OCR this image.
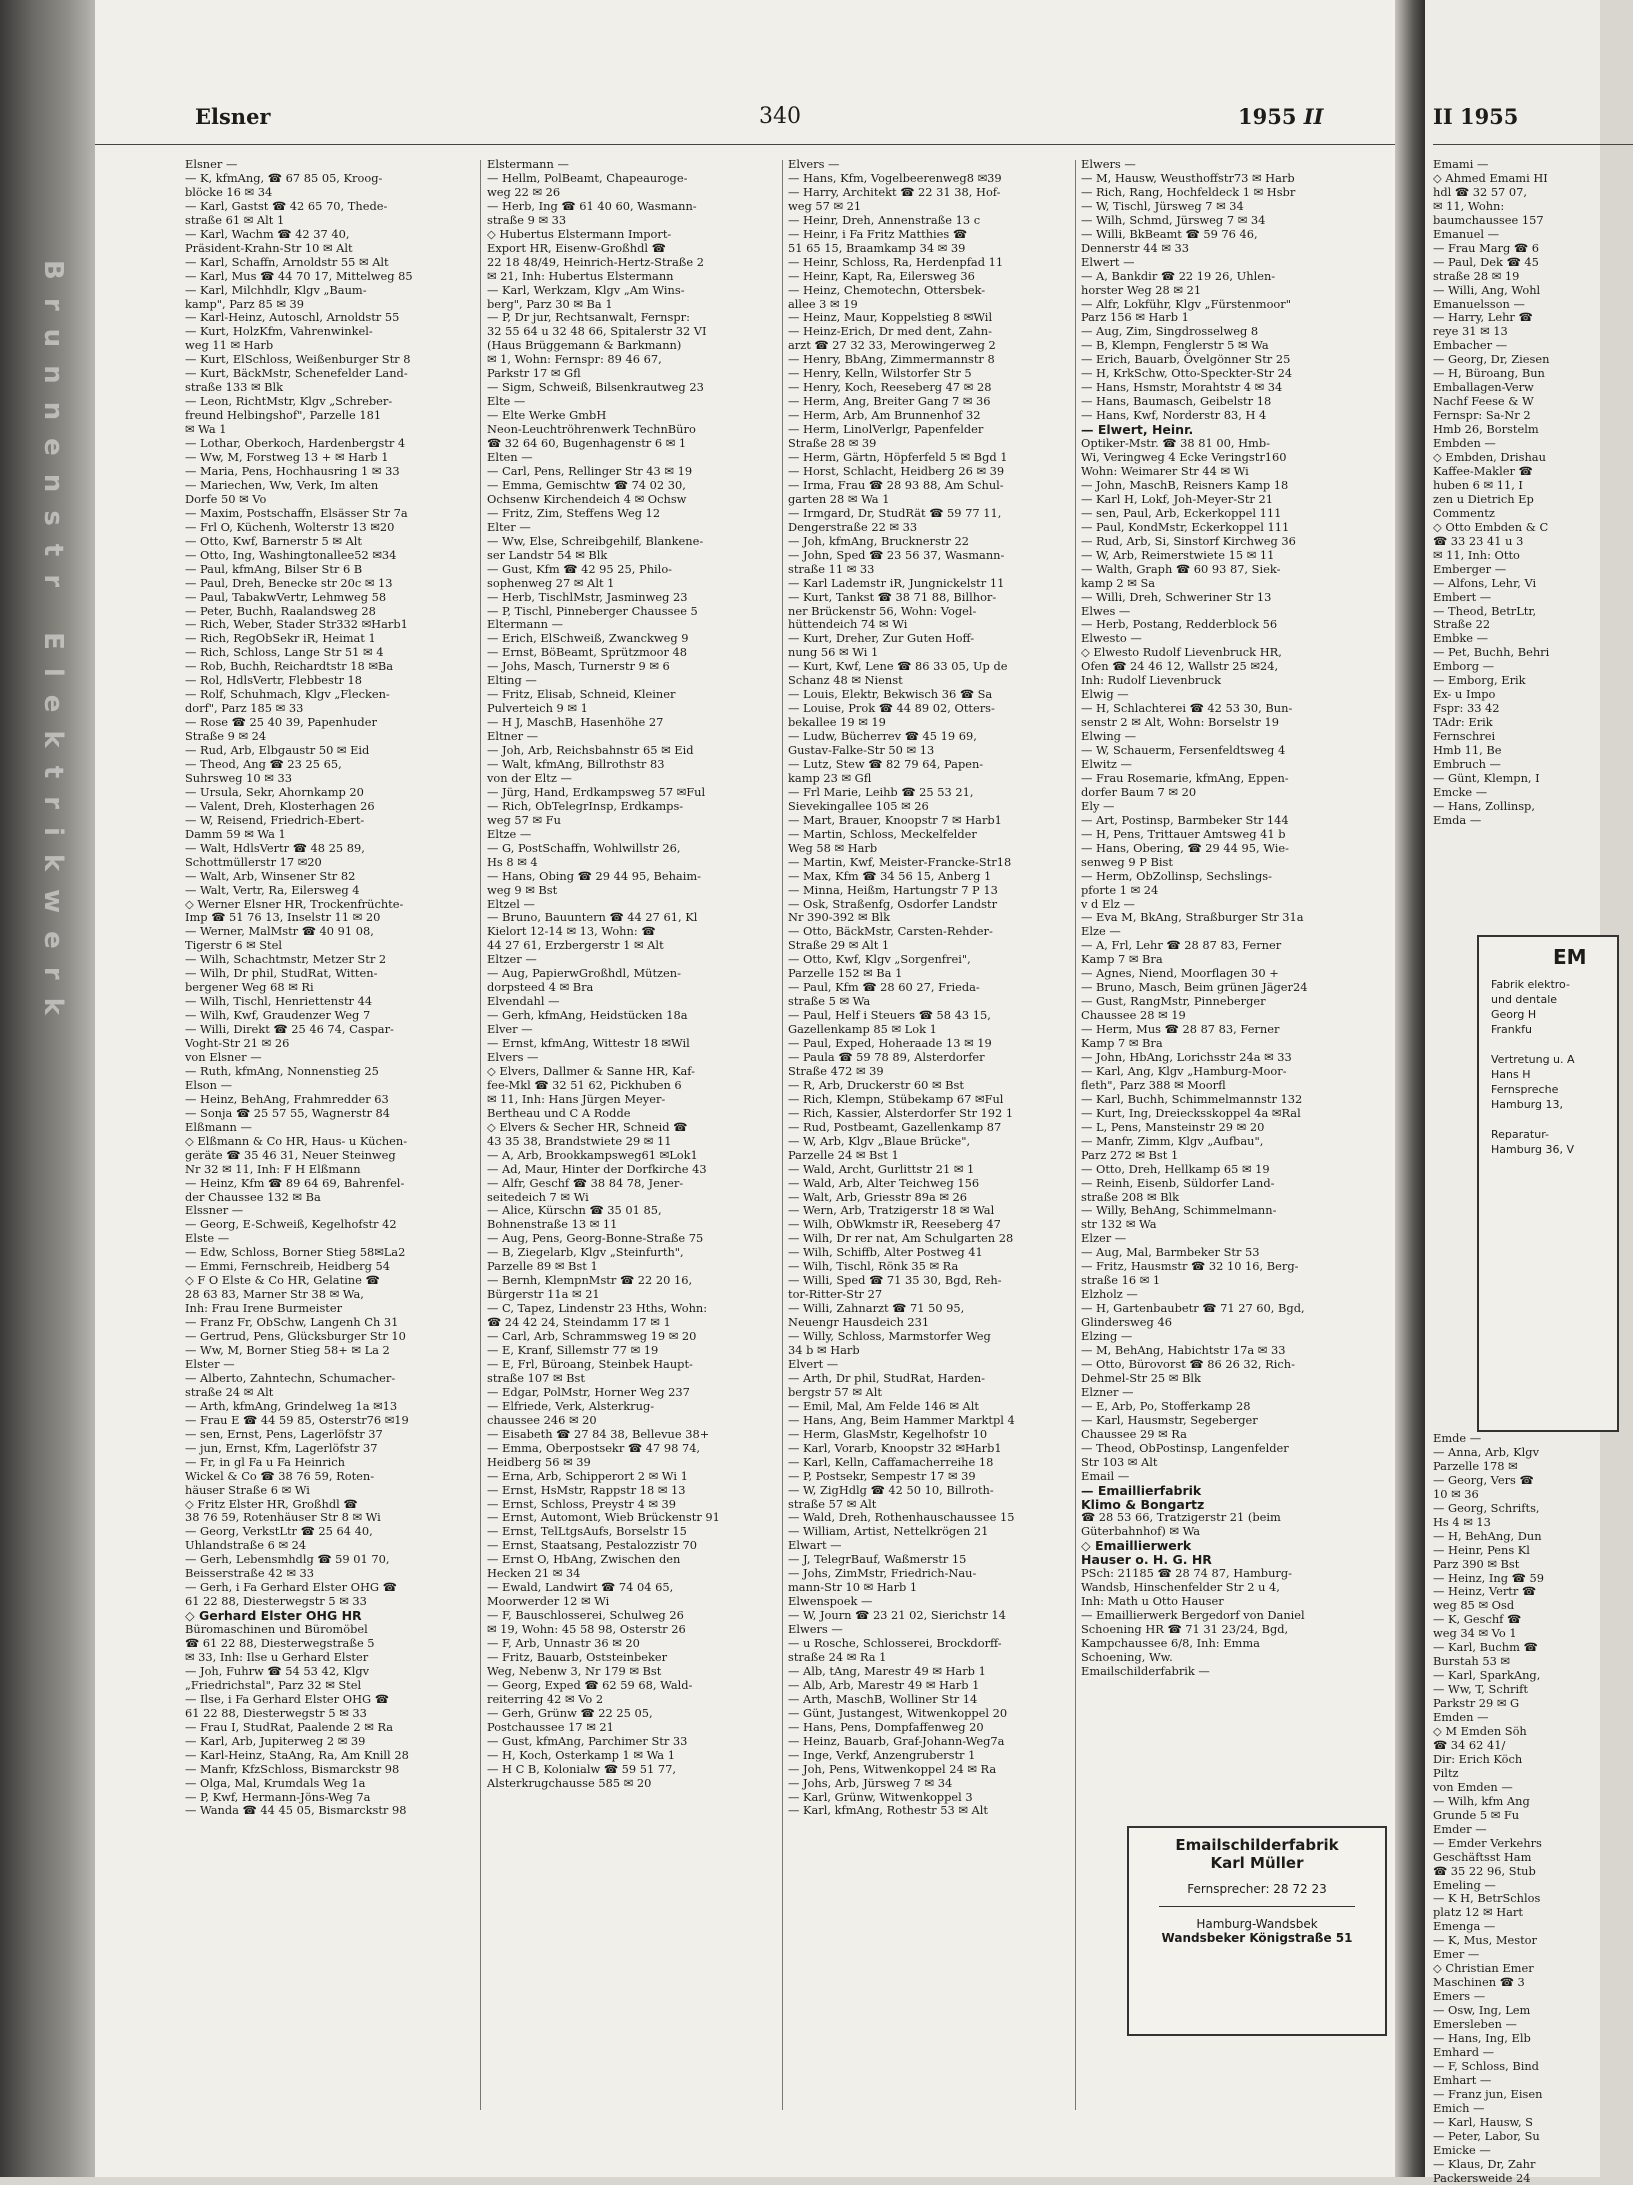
Brunnenstr Elektrikwerk
Elsner	340	1955 II
Elsner —
— K, kfmAng, ☎ 67 85 05, Kroog-
blöcke 16 ✉ 34
— Karl, Gastst ☎ 42 65 70, Thede-
straße 61 ✉ Alt 1
— Karl, Wachm ☎ 42 37 40,
Präsident-Krahn-Str 10 ✉ Alt
— Karl, Schaffn, Arnoldstr 55 ✉ Alt
— Karl, Mus ☎ 44 70 17, Mittelweg 85
— Karl, Milchhdlr, Klgv „Baum-
kamp", Parz 85 ✉ 39
— Karl-Heinz, Autoschl, Arnoldstr 55
— Kurt, HolzKfm, Vahrenwinkel-
weg 11 ✉ Harb
— Kurt, ElSchloss, Weißenburger Str 8
— Kurt, BäckMstr, Schenefelder Land-
straße 133 ✉ Blk
— Leon, RichtMstr, Klgv „Schreber-
freund Helbingshof", Parzelle 181
✉ Wa 1
— Lothar, Oberkoch, Hardenbergstr 4
— Ww, M, Forstweg 13 + ✉ Harb 1
— Maria, Pens, Hochhausring 1 ✉ 33
— Mariechen, Ww, Verk, Im alten
Dorfe 50 ✉ Vo
— Maxim, Postschaffn, Elsässer Str 7a
— Frl O, Küchenh, Wolterstr 13 ✉20
— Otto, Kwf, Barnerstr 5 ✉ Alt
— Otto, Ing, Washingtonallee52 ✉34
— Paul, kfmAng, Bilser Str 6 B
— Paul, Dreh, Benecke str 20c ✉ 13
— Paul, TabakwVertr, Lehmweg 58
— Peter, Buchh, Raalandsweg 28
— Rich, Weber, Stader Str332 ✉Harb1
— Rich, RegObSekr iR, Heimat 1
— Rich, Schloss, Lange Str 51 ✉ 4
— Rob, Buchh, Reichardtstr 18 ✉Ba
— Rol, HdlsVertr, Flebbestr 18
— Rolf, Schuhmach, Klgv „Flecken-
dorf", Parz 185 ✉ 33
— Rose ☎ 25 40 39, Papenhuder
Straße 9 ✉ 24
— Rud, Arb, Elbgaustr 50 ✉ Eid
— Theod, Ang ☎ 23 25 65,
Suhrsweg 10 ✉ 33
— Ursula, Sekr, Ahornkamp 20
— Valent, Dreh, Klosterhagen 26
— W, Reisend, Friedrich-Ebert-
Damm 59 ✉ Wa 1
— Walt, HdlsVertr ☎ 48 25 89,
Schottmüllerstr 17 ✉20
— Walt, Arb, Winsener Str 82
— Walt, Vertr, Ra, Eilersweg 4
◇ Werner Elsner HR, Trockenfrüchte-
Imp ☎ 51 76 13, Inselstr 11 ✉ 20
— Werner, MalMstr ☎ 40 91 08,
Tigerstr 6 ✉ Stel
— Wilh, Schachtmstr, Metzer Str 2
— Wilh, Dr phil, StudRat, Witten-
bergener Weg 68 ✉ Ri
— Wilh, Tischl, Henriettenstr 44
— Wilh, Kwf, Graudenzer Weg 7
— Willi, Direkt ☎ 25 46 74, Caspar-
Voght-Str 21 ✉ 26
von Elsner —
— Ruth, kfmAng, Nonnenstieg 25
Elson —
— Heinz, BehAng, Frahmredder 63
— Sonja ☎ 25 57 55, Wagnerstr 84
Elßmann —
◇ Elßmann & Co HR, Haus- u Küchen-
geräte ☎ 35 46 31, Neuer Steinweg
Nr 32 ✉ 11, Inh: F H Elßmann
— Heinz, Kfm ☎ 89 64 69, Bahrenfel-
der Chaussee 132 ✉ Ba
Elssner —
— Georg, E-Schweiß, Kegelhofstr 42
Elste —
— Edw, Schloss, Borner Stieg 58✉La2
— Emmi, Fernschreib, Heidberg 54
◇ F O Elste & Co HR, Gelatine ☎
28 63 83, Marner Str 38 ✉ Wa,
Inh: Frau Irene Burmeister
— Franz Fr, ObSchw, Langenh Ch 31
— Gertrud, Pens, Glücksburger Str 10
— Ww, M, Borner Stieg 58+ ✉ La 2
Elster —
— Alberto, Zahntechn, Schumacher-
straße 24 ✉ Alt
— Arth, kfmAng, Grindelweg 1a ✉13
— Frau E ☎ 44 59 85, Osterstr76 ✉19
— sen, Ernst, Pens, Lagerlöfstr 37
— jun, Ernst, Kfm, Lagerlöfstr 37
— Fr, in gl Fa u Fa Heinrich
Wickel & Co ☎ 38 76 59, Roten-
häuser Straße 6 ✉ Wi
◇ Fritz Elster HR, Großhdl ☎
38 76 59, Rotenhäuser Str 8 ✉ Wi
— Georg, VerkstLtr ☎ 25 64 40,
Uhlandstraße 6 ✉ 24
— Gerh, Lebensmhdlg ☎ 59 01 70,
Beisserstraße 42 ✉ 33
— Gerh, i Fa Gerhard Elster OHG ☎
61 22 88, Diesterwegstr 5 ✉ 33
◇ Gerhard Elster OHG HR
Büromaschinen und Büromöbel
☎ 61 22 88, Diesterwegstraße 5
✉ 33, Inh: Ilse u Gerhard Elster
— Joh, Fuhrw ☎ 54 53 42, Klgv
„Friedrichstal", Parz 32 ✉ Stel
— Ilse, i Fa Gerhard Elster OHG ☎
61 22 88, Diesterwegstr 5 ✉ 33
— Frau I, StudRat, Paalende 2 ✉ Ra
— Karl, Arb, Jupiterweg 2 ✉ 39
— Karl-Heinz, StaAng, Ra, Am Knill 28
— Manfr, KfzSchloss, Bismarckstr 98
— Olga, Mal, Krumdals Weg 1a
— P, Kwf, Hermann-Jöns-Weg 7a
— Wanda ☎ 44 45 05, Bismarckstr 98
Elstermann —
— Hellm, PolBeamt, Chapeauroge-
weg 22 ✉ 26
— Herb, Ing ☎ 61 40 60, Wasmann-
straße 9 ✉ 33
◇ Hubertus Elstermann Import-
Export HR, Eisenw-Großhdl ☎
22 18 48/49, Heinrich-Hertz-Straße 2
✉ 21, Inh: Hubertus Elstermann
— Karl, Werkzam, Klgv „Am Wins-
berg", Parz 30 ✉ Ba 1
— P, Dr jur, Rechtsanwalt, Fernspr:
32 55 64 u 32 48 66, Spitalerstr 32 VI
(Haus Brüggemann & Barkmann)
✉ 1, Wohn: Fernspr: 89 46 67,
Parkstr 17 ✉ Gfl
— Sigm, Schweiß, Bilsenkrautweg 23
Elte —
— Elte Werke GmbH
Neon-Leuchtröhrenwerk TechnBüro
☎ 32 64 60, Bugenhagenstr 6 ✉ 1
Elten —
— Carl, Pens, Rellinger Str 43 ✉ 19
— Emma, Gemischtw ☎ 74 02 30,
Ochsenw Kirchendeich 4 ✉ Ochsw
— Fritz, Zim, Steffens Weg 12
Elter —
— Ww, Else, Schreibgehilf, Blankene-
ser Landstr 54 ✉ Blk
— Gust, Kfm ☎ 42 95 25, Philo-
sophenweg 27 ✉ Alt 1
— Herb, TischlMstr, Jasminweg 23
— P, Tischl, Pinneberger Chaussee 5
Eltermann —
— Erich, ElSchweiß, Zwanckweg 9
— Ernst, BöBeamt, Sprützmoor 48
— Johs, Masch, Turnerstr 9 ✉ 6
Elting —
— Fritz, Elisab, Schneid, Kleiner
Pulverteich 9 ✉ 1
— H J, MaschB, Hasenhöhe 27
Eltner —
— Joh, Arb, Reichsbahnstr 65 ✉ Eid
— Walt, kfmAng, Billrothstr 83
von der Eltz —
— Jürg, Hand, Erdkampsweg 57 ✉Ful
— Rich, ObTelegrInsp, Erdkamps-
weg 57 ✉ Fu
Eltze —
— G, PostSchaffn, Wohlwillstr 26,
Hs 8 ✉ 4
— Hans, Obing ☎ 29 44 95, Behaim-
weg 9 ✉ Bst
Eltzel —
— Bruno, Bauuntern ☎ 44 27 61, Kl
Kielort 12-14 ✉ 13, Wohn: ☎
44 27 61, Erzbergerstr 1 ✉ Alt
Eltzer —
— Aug, PapierwGroßhdl, Mützen-
dorpsteed 4 ✉ Bra
Elvendahl —
— Gerh, kfmAng, Heidstücken 18a
Elver —
— Ernst, kfmAng, Wittestr 18 ✉Wil
Elvers —
◇ Elvers, Dallmer & Sanne HR, Kaf-
fee-Mkl ☎ 32 51 62, Pickhuben 6
✉ 11, Inh: Hans Jürgen Meyer-
Bertheau und C A Rodde
◇ Elvers & Secher HR, Schneid ☎
43 35 38, Brandstwiete 29 ✉ 11
— A, Arb, Brookkampsweg61 ✉Lok1
— Ad, Maur, Hinter der Dorfkirche 43
— Alfr, Geschf ☎ 38 84 78, Jener-
seitedeich 7 ✉ Wi
— Alice, Kürschn ☎ 35 01 85,
Bohnenstraße 13 ✉ 11
— Aug, Pens, Georg-Bonne-Straße 75
— B, Ziegelarb, Klgv „Steinfurth",
Parzelle 89 ✉ Bst 1
— Bernh, KlempnMstr ☎ 22 20 16,
Bürgerstr 11a ✉ 21
— C, Tapez, Lindenstr 23 Hths, Wohn:
☎ 24 42 24, Steindamm 17 ✉ 1
— Carl, Arb, Schrammsweg 19 ✉ 20
— E, Kranf, Sillemstr 77 ✉ 19
— E, Frl, Büroang, Steinbek Haupt-
straße 107 ✉ Bst
— Edgar, PolMstr, Horner Weg 237
— Elfriede, Verk, Alsterkrug-
chaussee 246 ✉ 20
— Eisabeth ☎ 27 84 38, Bellevue 38+
— Emma, Oberpostsekr ☎ 47 98 74,
Heidberg 56 ✉ 39
— Erna, Arb, Schipperort 2 ✉ Wi 1
— Ernst, HsMstr, Rappstr 18 ✉ 13
— Ernst, Schloss, Preystr 4 ✉ 39
— Ernst, Automont, Wieb Brückenstr 91
— Ernst, TelLtgsAufs, Borselstr 15
— Ernst, Staatsang, Pestalozzistr 70
— Ernst O, HbAng, Zwischen den
Hecken 21 ✉ 34
— Ewald, Landwirt ☎ 74 04 65,
Moorwerder 12 ✉ Wi
— F, Bauschlosserei, Schulweg 26
✉ 19, Wohn: 45 58 98, Osterstr 26
— F, Arb, Unnastr 36 ✉ 20
— Fritz, Bauarb, Oststeinbeker
Weg, Nebenw 3, Nr 179 ✉ Bst
— Georg, Exped ☎ 62 59 68, Wald-
reiterring 42 ✉ Vo 2
— Gerh, Grünw ☎ 22 25 05,
Postchaussee 17 ✉ 21
— Gust, kfmAng, Parchimer Str 33
— H, Koch, Osterkamp 1 ✉ Wa 1
— H C B, Kolonialw ☎ 59 51 77,
Alsterkrugchausse 585 ✉ 20
Elvers —
— Hans, Kfm, Vogelbeerenweg8 ✉39
— Harry, Architekt ☎ 22 31 38, Hof-
weg 57 ✉ 21
— Heinr, Dreh, Annenstraße 13 c
— Heinr, i Fa Fritz Matthies ☎
51 65 15, Braamkamp 34 ✉ 39
— Heinr, Schloss, Ra, Herdenpfad 11
— Heinr, Kapt, Ra, Eilersweg 36
— Heinz, Chemotechn, Ottersbek-
allee 3 ✉ 19
— Heinz, Maur, Koppelstieg 8 ✉Wil
— Heinz-Erich, Dr med dent, Zahn-
arzt ☎ 27 32 33, Merowingerweg 2
— Henry, BbAng, Zimmermannstr 8
— Henry, Kelln, Wilstorfer Str 5
— Henry, Koch, Reeseberg 47 ✉ 28
— Herm, Ang, Breiter Gang 7 ✉ 36
— Herm, Arb, Am Brunnenhof 32
— Herm, LinolVerlgr, Papenfelder
Straße 28 ✉ 39
— Herm, Gärtn, Höpferfeld 5 ✉ Bgd 1
— Horst, Schlacht, Heidberg 26 ✉ 39
— Irma, Frau ☎ 28 93 88, Am Schul-
garten 28 ✉ Wa 1
— Irmgard, Dr, StudRät ☎ 59 77 11,
Dengerstraße 22 ✉ 33
— Joh, kfmAng, Brucknerstr 22
— John, Sped ☎ 23 56 37, Wasmann-
straße 11 ✉ 33
— Karl Lademstr iR, Jungnickelstr 11
— Kurt, Tankst ☎ 38 71 88, Billhor-
ner Brückenstr 56, Wohn: Vogel-
hüttendeich 74 ✉ Wi
— Kurt, Dreher, Zur Guten Hoff-
nung 56 ✉ Wi 1
— Kurt, Kwf, Lene ☎ 86 33 05, Up de
Schanz 48 ✉ Nienst
— Louis, Elektr, Bekwisch 36 ☎ Sa
— Louise, Prok ☎ 44 89 02, Otters-
bekallee 19 ✉ 19
— Ludw, Bücherrev ☎ 45 19 69,
Gustav-Falke-Str 50 ✉ 13
— Lutz, Stew ☎ 82 79 64, Papen-
kamp 23 ✉ Gfl
— Frl Marie, Leihb ☎ 25 53 21,
Sievekingallee 105 ✉ 26
— Mart, Brauer, Knoopstr 7 ✉ Harb1
— Martin, Schloss, Meckelfelder
Weg 58 ✉ Harb
— Martin, Kwf, Meister-Francke-Str18
— Max, Kfm ☎ 34 56 15, Anberg 1
— Minna, Heißm, Hartungstr 7 P 13
— Osk, Straßenfg, Osdorfer Landstr
Nr 390-392 ✉ Blk
— Otto, BäckMstr, Carsten-Rehder-
Straße 29 ✉ Alt 1
— Otto, Kwf, Klgv „Sorgenfrei",
Parzelle 152 ✉ Ba 1
— Paul, Kfm ☎ 28 60 27, Frieda-
straße 5 ✉ Wa
— Paul, Helf i Steuers ☎ 58 43 15,
Gazellenkamp 85 ✉ Lok 1
— Paul, Exped, Hoheraade 13 ✉ 19
— Paula ☎ 59 78 89, Alsterdorfer
Straße 472 ✉ 39
— R, Arb, Druckerstr 60 ✉ Bst
— Rich, Klempn, Stübekamp 67 ✉Ful
— Rich, Kassier, Alsterdorfer Str 192 1
— Rud, Postbeamt, Gazellenkamp 87
— W, Arb, Klgv „Blaue Brücke",
Parzelle 24 ✉ Bst 1
— Wald, Archt, Gurlittstr 21 ✉ 1
— Wald, Arb, Alter Teichweg 156
— Walt, Arb, Griesstr 89a ✉ 26
— Wern, Arb, Tratzigerstr 18 ✉ Wal
— Wilh, ObWkmstr iR, Reeseberg 47
— Wilh, Dr rer nat, Am Schulgarten 28
— Wilh, Schiffb, Alter Postweg 41
— Wilh, Tischl, Rönk 35 ✉ Ra
— Willi, Sped ☎ 71 35 30, Bgd, Reh-
tor-Ritter-Str 27
— Willi, Zahnarzt ☎ 71 50 95,
Neuengr Hausdeich 231
— Willy, Schloss, Marmstorfer Weg
34 b ✉ Harb
Elvert —
— Arth, Dr phil, StudRat, Harden-
bergstr 57 ✉ Alt
— Emil, Mal, Am Felde 146 ✉ Alt
— Hans, Ang, Beim Hammer Marktpl 4
— Herm, GlasMstr, Kegelhofstr 10
— Karl, Vorarb, Knoopstr 32 ✉Harb1
— Karl, Kelln, Caffamacherreihe 18
— P, Postsekr, Sempestr 17 ✉ 39
— W, ZigHdlg ☎ 42 50 10, Billroth-
straße 57 ✉ Alt
— Wald, Dreh, Rothenhauschaussee 15
— William, Artist, Nettelkrögen 21
Elwart —
— J, TelegrBauf, Waßmerstr 15
— Johs, ZimMstr, Friedrich-Nau-
mann-Str 10 ✉ Harb 1
Elwenspoek —
— W, Journ ☎ 23 21 02, Sierichstr 14
Elwers —
— u Rosche, Schlosserei, Brockdorff-
straße 24 ✉ Ra 1
— Alb, tAng, Marestr 49 ✉ Harb 1
— Alb, Arb, Marestr 49 ✉ Harb 1
— Arth, MaschB, Wolliner Str 14
— Günt, Justangest, Witwenkoppel 20
— Hans, Pens, Dompfaffenweg 20
— Heinz, Bauarb, Graf-Johann-Weg7a
— Inge, Verkf, Anzengruberstr 1
— Joh, Pens, Witwenkoppel 24 ✉ Ra
— Johs, Arb, Jürsweg 7 ✉ 34
— Karl, Grünw, Witwenkoppel 3
— Karl, kfmAng, Rothestr 53 ✉ Alt
Elwers —
— M, Hausw, Weusthoffstr73 ✉ Harb
— Rich, Rang, Hochfeldeck 1 ✉ Hsbr
— W, Tischl, Jürsweg 7 ✉ 34
— Wilh, Schmd, Jürsweg 7 ✉ 34
— Willi, BkBeamt ☎ 59 76 46,
Dennerstr 44 ✉ 33
Elwert —
— A, Bankdir ☎ 22 19 26, Uhlen-
horster Weg 28 ✉ 21
— Alfr, Lokführ, Klgv „Fürstenmoor"
Parz 156 ✉ Harb 1
— Aug, Zim, Singdrosselweg 8
— B, Klempn, Fenglerstr 5 ✉ Wa
— Erich, Bauarb, Övelgönner Str 25
— H, KrkSchw, Otto-Speckter-Str 24
— Hans, Hsmstr, Morahtstr 4 ✉ 34
— Hans, Baumasch, Geibelstr 18
— Hans, Kwf, Norderstr 83, H 4
— Elwert, Heinr.
Optiker-Mstr. ☎ 38 81 00, Hmb-
Wi, Veringweg 4 Ecke Veringstr160
Wohn: Weimarer Str 44 ✉ Wi
— John, MaschB, Reisners Kamp 18
— Karl H, Lokf, Joh-Meyer-Str 21
— sen, Paul, Arb, Eckerkoppel 111
— Paul, KondMstr, Eckerkoppel 111
— Rud, Arb, Si, Sinstorf Kirchweg 36
— W, Arb, Reimerstwiete 15 ✉ 11
— Walth, Graph ☎ 60 93 87, Siek-
kamp 2 ✉ Sa
— Willi, Dreh, Schweriner Str 13
Elwes —
— Herb, Postang, Redderblock 56
Elwesto —
◇ Elwesto Rudolf Lievenbruck HR,
Ofen ☎ 24 46 12, Wallstr 25 ✉24,
Inh: Rudolf Lievenbruck
Elwig —
— H, Schlachterei ☎ 42 53 30, Bun-
senstr 2 ✉ Alt, Wohn: Borselstr 19
Elwing —
— W, Schauerm, Fersenfeldtsweg 4
Elwitz —
— Frau Rosemarie, kfmAng, Eppen-
dorfer Baum 7 ✉ 20
Ely —
— Art, Postinsp, Barmbeker Str 144
— H, Pens, Trittauer Amtsweg 41 b
— Hans, Obering, ☎ 29 44 95, Wie-
senweg 9 P Bist
— Herm, ObZollinsp, Sechslings-
pforte 1 ✉ 24
v d Elz —
— Eva M, BkAng, Straßburger Str 31a
Elze —
— A, Frl, Lehr ☎ 28 87 83, Ferner
Kamp 7 ✉ Bra
— Agnes, Niend, Moorflagen 30 +
— Bruno, Masch, Beim grünen Jäger24
— Gust, RangMstr, Pinneberger
Chaussee 28 ✉ 19
— Herm, Mus ☎ 28 87 83, Ferner
Kamp 7 ✉ Bra
— John, HbAng, Lorichsstr 24a ✉ 33
— Karl, Ang, Klgv „Hamburg-Moor-
fleth", Parz 388 ✉ Moorfl
— Karl, Buchh, Schimmelmannstr 132
— Kurt, Ing, Dreiecksskoppel 4a ✉Ral
— L, Pens, Mansteinstr 29 ✉ 20
— Manfr, Zimm, Klgv „Aufbau",
Parz 272 ✉ Bst 1
— Otto, Dreh, Hellkamp 65 ✉ 19
— Reinh, Eisenb, Süldorfer Land-
straße 208 ✉ Blk
— Willy, BehAng, Schimmelmann-
str 132 ✉ Wa
Elzer —
— Aug, Mal, Barmbeker Str 53
— Fritz, Hausmstr ☎ 32 10 16, Berg-
straße 16 ✉ 1
Elzholz —
— H, Gartenbaubetr ☎ 71 27 60, Bgd,
Glindersweg 46
Elzing —
— M, BehAng, Habichtstr 17a ✉ 33
— Otto, Bürovorst ☎ 86 26 32, Rich-
Dehmel-Str 25 ✉ Blk
Elzner —
— E, Arb, Po, Stofferkamp 28
— Karl, Hausmstr, Segeberger
Chaussee 29 ✉ Ra
— Theod, ObPostinsp, Langenfelder
Str 103 ✉ Alt
Email —
— Emaillierfabrik
Klimo & Bongartz
☎ 28 53 66, Tratzigerstr 21 (beim
Güterbahnhof) ✉ Wa
◇ Emaillierwerk
Hauser o. H. G. HR
PSch: 21185 ☎ 28 74 87, Hamburg-
Wandsb, Hinschenfelder Str 2 u 4,
Inh: Math u Otto Hauser
— Emaillierwerk Bergedorf von Daniel
Schoening HR ☎ 71 31 23/24, Bgd,
Kampchaussee 6/8, Inh: Emma
Schoening, Ww.
Emailschilderfabrik —
Emailschilderfabrik
Karl Müller
Fernsprecher: 28 72 23
Hamburg-Wandsbek
Wandsbeker Königstraße 51
II 1955
Emami —
◇ Ahmed Emami HI
hdl ☎ 32 57 07,
✉ 11, Wohn:
baumchaussee 157
Emanuel —
— Frau Marg ☎ 6
— Paul, Dek ☎ 45
straße 28 ✉ 19
— Willi, Ang, Wohl
Emanuelsson —
— Harry, Lehr ☎
reye 31 ✉ 13
Embacher —
— Georg, Dr, Ziesen
— H, Büroang, Bun
Emballagen-Verw
Nachf Feese & W
Fernspr: Sa-Nr 2
Hmb 26, Borstelm
Embden —
◇ Embden, Drishau
Kaffee-Makler ☎
huben 6 ✉ 11, I
zen u Dietrich Ep
Commentz
◇ Otto Embden & C
☎ 33 23 41 u 3
✉ 11, Inh: Otto
Emberger —
— Alfons, Lehr, Vi
Embert —
— Theod, BetrLtr,
Straße 22
Embke —
— Pet, Buchh, Behri
Emborg —
— Emborg, Erik
Ex- u Impo
Fspr: 33 42
TAdr: Erik
Fernschrei
Hmb 11, Be
Embruch —
— Günt, Klempn, I
Emcke —
— Hans, Zollinsp,
Emda —
EM
Fabrik elektro-
und dentale
Georg H
Frankfu

Vertretung u. A
Hans H
Fernspreche
Hamburg 13,

Reparatur-
Hamburg 36, V
Emde —
— Anna, Arb, Klgv
Parzelle 178 ✉
— Georg, Vers ☎
10 ✉ 36
— Georg, Schrifts,
Hs 4 ✉ 13
— H, BehAng, Dun
— Heinr, Pens Kl
Parz 390 ✉ Bst
— Heinz, Ing ☎ 59
— Heinz, Vertr ☎
weg 85 ✉ Osd
— K, Geschf ☎
weg 34 ✉ Vo 1
— Karl, Buchm ☎
Burstah 53 ✉
— Karl, SparkAng,
— Ww, T, Schrift
Parkstr 29 ✉ G
Emden —
◇ M Emden Söh
☎ 34 62 41/
Dir: Erich Köch
Piltz
von Emden —
— Wilh, kfm Ang
Grunde 5 ✉ Fu
Emder —
— Emder Verkehrs
Geschäftsst Ham
☎ 35 22 96, Stub
Emeling —
— K H, BetrSchlos
platz 12 ✉ Hart
Emenga —
— K, Mus, Mestor
Emer —
◇ Christian Emer
Maschinen ☎ 3
Emers —
— Osw, Ing, Lem
Emersleben —
— Hans, Ing, Elb
Emhard —
— F, Schloss, Bind
Emhart —
— Franz jun, Eisen
Emich —
— Karl, Hausw, S
— Peter, Labor, Su
Emicke —
— Klaus, Dr, Zahr
Packersweide 24
